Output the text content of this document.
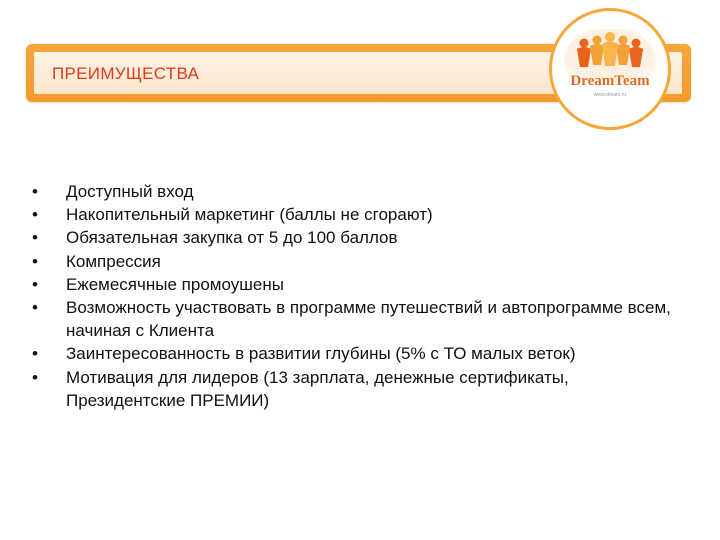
ПРЕИМУЩЕСТВА	DreamTeam
www.dream.ru
• Доступный вход
• Накопительный маркетинг (баллы не сгорают)
• Обязательная закупка от 5 до 100 баллов
• Компрессия
• Ежемесячные промоушены
• Возможность участвовать в программе путешествий и автопрограмме всем, начиная с Клиента
• Заинтересованность в развитии глубины (5% с ТО малых веток)
• Мотивация для лидеров (13 зарплата, денежные сертификаты, Президентские ПРЕМИИ)
